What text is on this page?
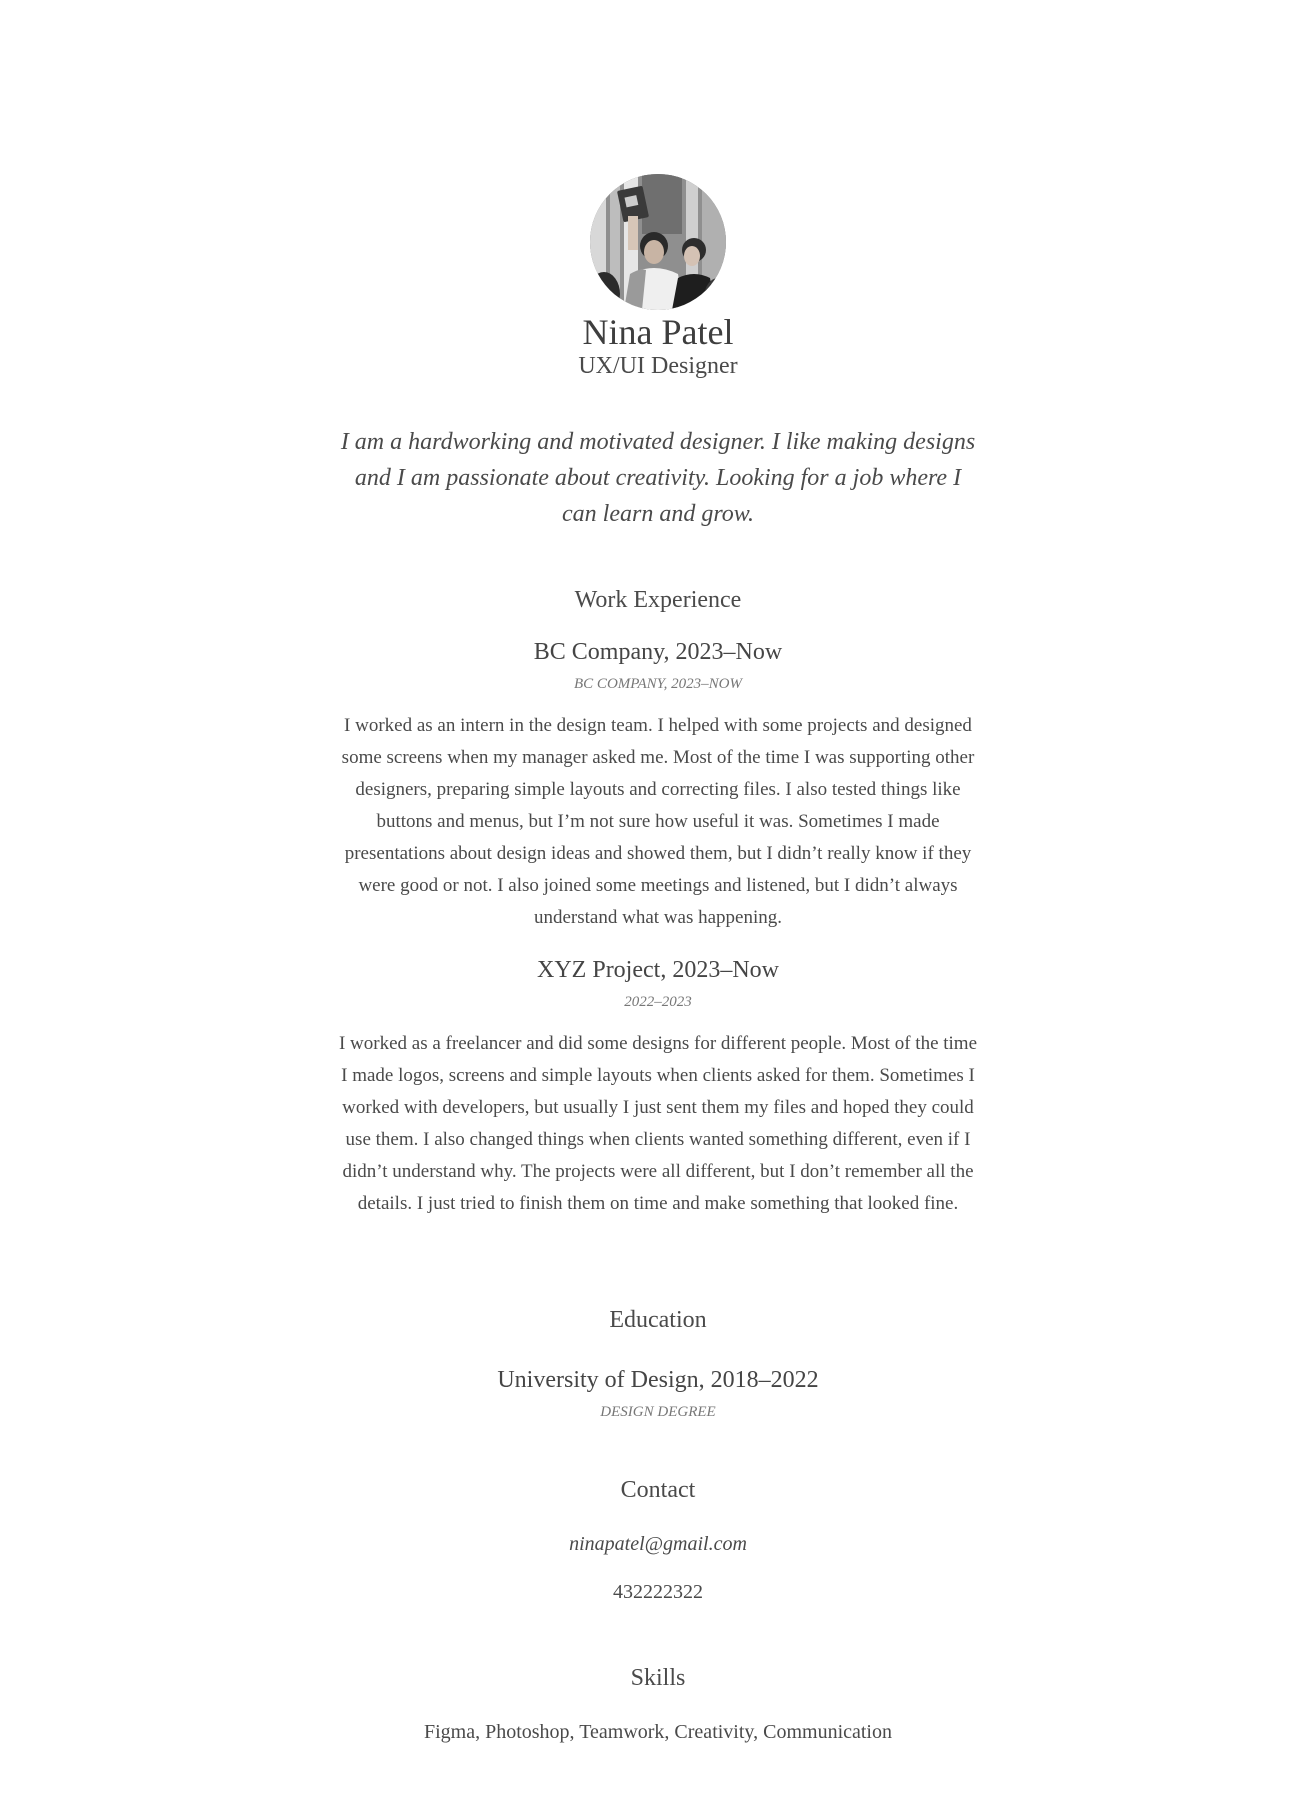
Nina Patel
UX/UI Designer
I am a hardworking and motivated designer. I like making designs and I am passionate about creativity. Looking for a job where I can learn and grow.
Work Experience
BC Company, 2023–Now
BC COMPANY, 2023–NOW
I worked as an intern in the design team. I helped with some projects and designed some screens when my manager asked me. Most of the time I was supporting other designers, preparing simple layouts and correcting files. I also tested things like buttons and menus, but I’m not sure how useful it was. Sometimes I made presentations about design ideas and showed them, but I didn’t really know if they were good or not. I also joined some meetings and listened, but I didn’t always understand what was happening.
XYZ Project, 2023–Now
2022–2023
I worked as a freelancer and did some designs for different people. Most of the time I made logos, screens and simple layouts when clients asked for them. Sometimes I worked with developers, but usually I just sent them my files and hoped they could use them. I also changed things when clients wanted something different, even if I didn’t understand why. The projects were all different, but I don’t remember all the details. I just tried to finish them on time and make something that looked fine.
Education
University of Design, 2018–2022
DESIGN DEGREE
Contact
ninapatel@gmail.com
432222322
Skills
Figma, Photoshop, Teamwork, Creativity, Communication
